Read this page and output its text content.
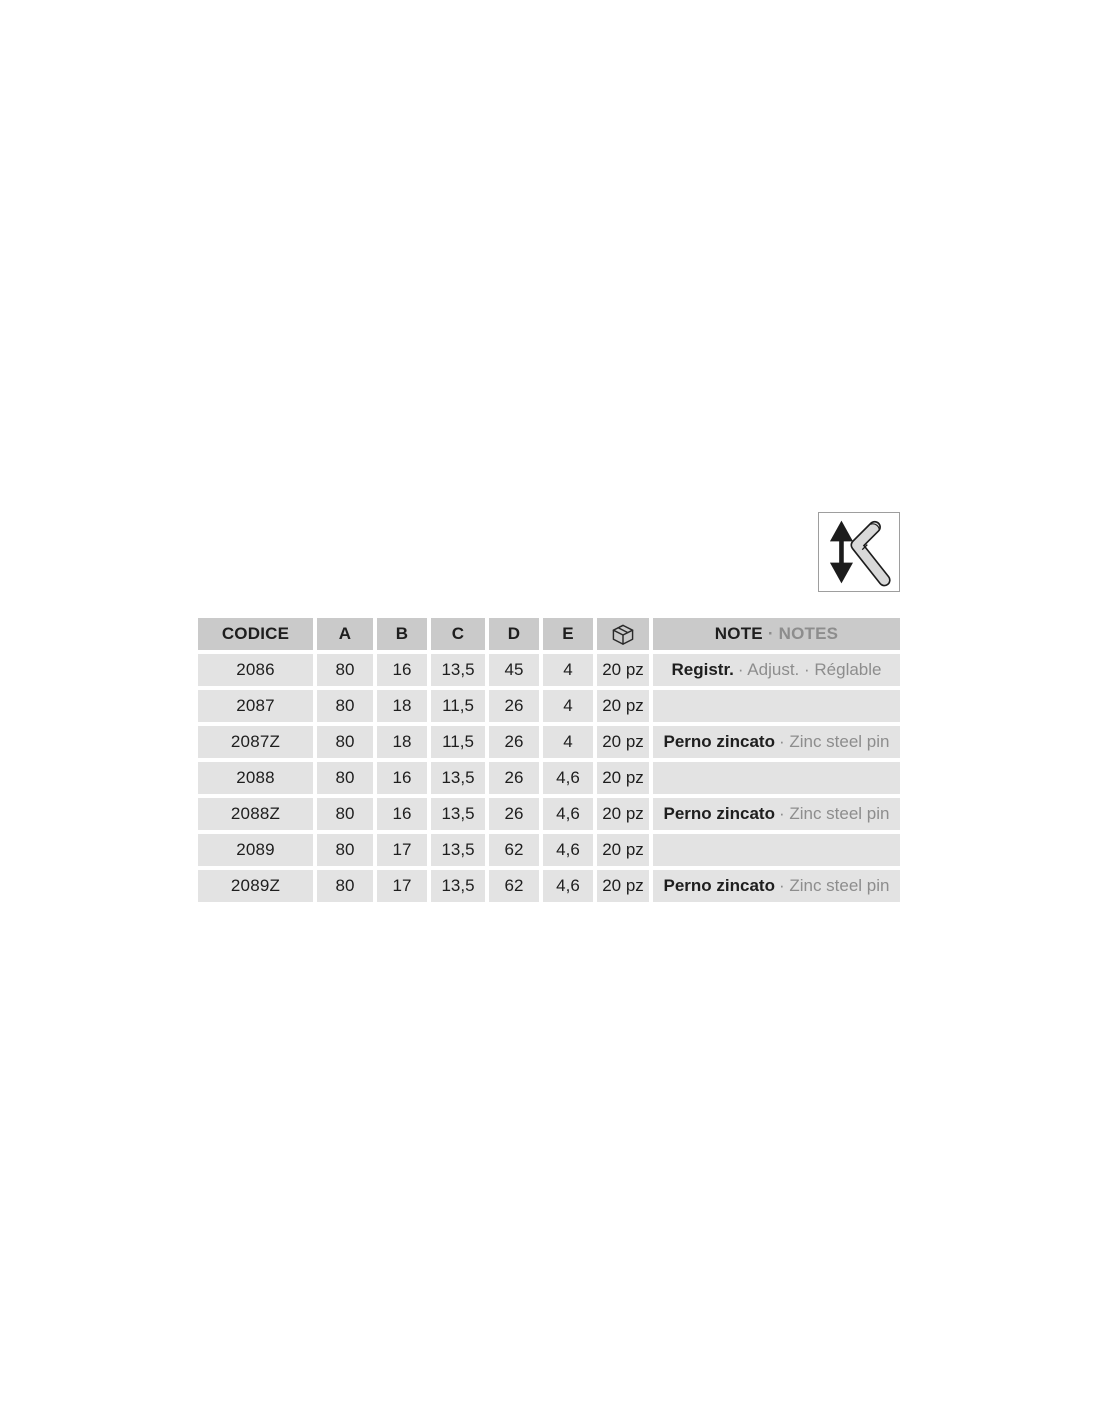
CODICE	A	B	C	D	E		NOTE · NOTES
2086	80	16	13,5	45	4	20 pz	Registr. · Adjust. · Réglable
2087	80	18	11,5	26	4	20 pz	
2087Z	80	18	11,5	26	4	20 pz	Perno zincato · Zinc steel pin
2088	80	16	13,5	26	4,6	20 pz	
2088Z	80	16	13,5	26	4,6	20 pz	Perno zincato · Zinc steel pin
2089	80	17	13,5	62	4,6	20 pz	
2089Z	80	17	13,5	62	4,6	20 pz	Perno zincato · Zinc steel pin
